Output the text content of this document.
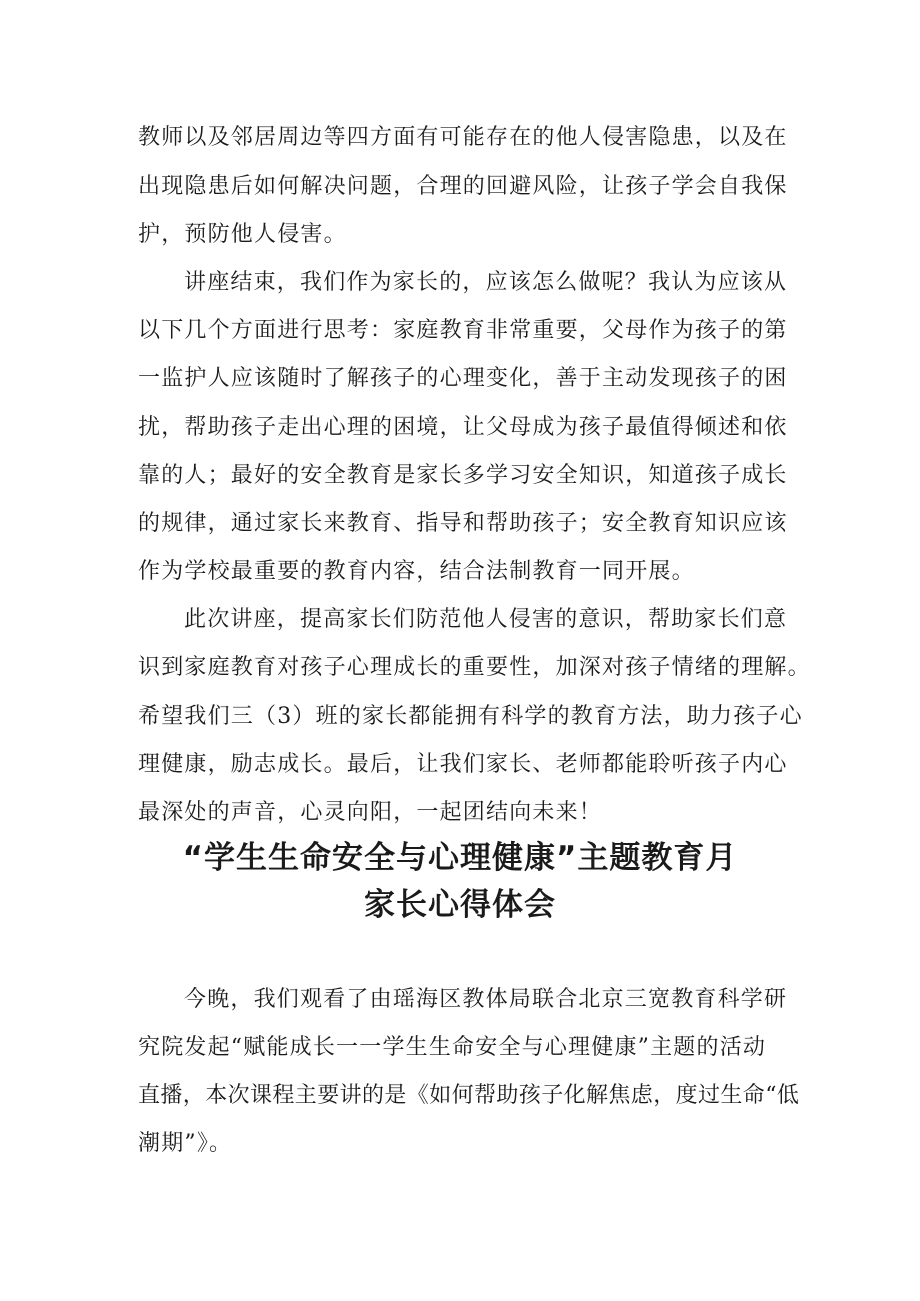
教师以及邻居周边等四方面有可能存在的他人侵害隐患，以及在
出现隐患后如何解决问题，合理的回避风险，让孩子学会自我保
护，预防他人侵害。
讲座结束，我们作为家长的，应该怎么做呢？我认为应该从
以下几个方面进行思考：家庭教育非常重要，父母作为孩子的第
一监护人应该随时了解孩子的心理变化，善于主动发现孩子的困
扰，帮助孩子走出心理的困境，让父母成为孩子最值得倾述和依
靠的人；最好的安全教育是家长多学习安全知识，知道孩子成长
的规律，通过家长来教育、指导和帮助孩子；安全教育知识应该
作为学校最重要的教育内容，结合法制教育一同开展。
此次讲座，提高家长们防范他人侵害的意识，帮助家长们意
识到家庭教育对孩子心理成长的重要性，加深对孩子情绪的理解。
希望我们三（3）班的家长都能拥有科学的教育方法，助力孩子心
理健康，励志成长。最后，让我们家长、老师都能聆听孩子内心
最深处的声音，心灵向阳，一起团结向未来！
“学生生命安全与心理健康”主题教育月
家长心得体会
今晚，我们观看了由瑶海区教体局联合北京三宽教育科学研
究院发起“赋能成长一一学生生命安全与心理健康”主题的活动
直播，本次课程主要讲的是《如何帮助孩子化解焦虑，度过生命“低
潮期”》。
